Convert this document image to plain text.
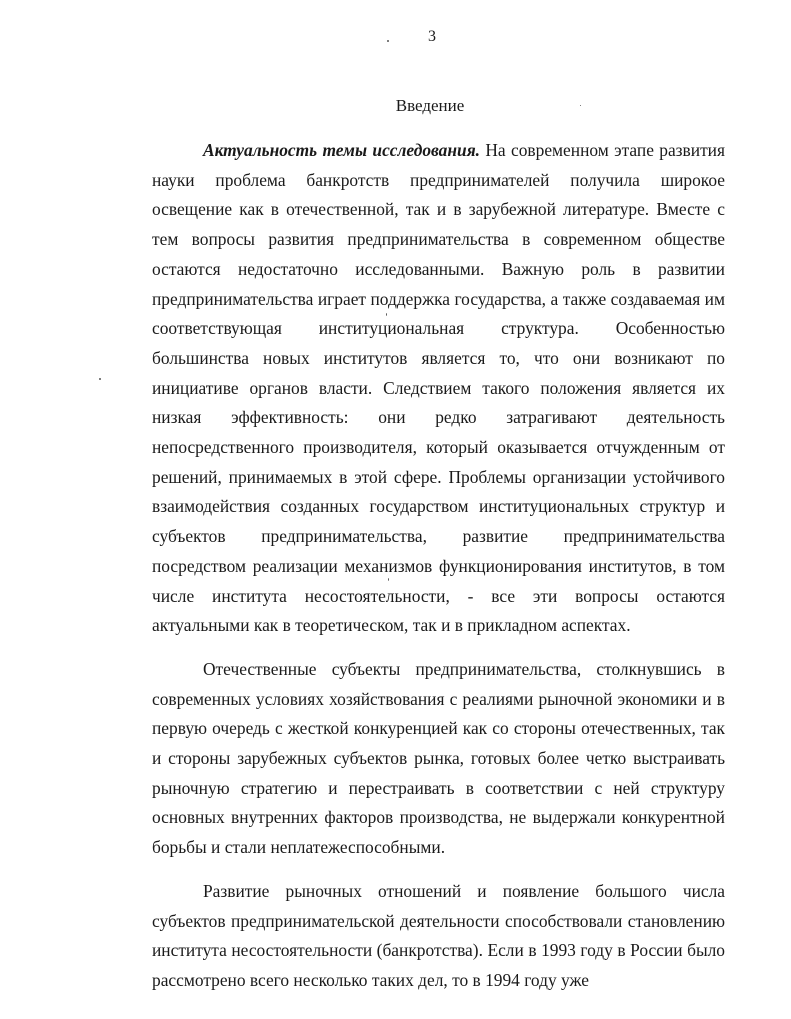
3
Введение

Актуальность темы исследования. На современном этапе развития науки проблема банкротств предпринимателей получила широкое освещение как в отечественной, так и в зарубежной литературе. Вместе с тем вопросы развития предпринимательства в современном обществе остаются недостаточно исследованными. Важную роль в развитии предпринимательства играет поддержка государства, а также создаваемая им соответствующая институциональная структура. Особенностью большинства новых институтов является то, что они возникают по инициативе органов власти. Следствием такого положения является их низкая эффективность: они редко затрагивают деятельность непосредственного производителя, который оказывается отчужденным от решений, принимаемых в этой сфере. Проблемы организации устойчивого взаимодействия созданных государством институциональных структур и субъектов предпринимательства, развитие предпринимательства посредством реализации механизмов функционирования институтов, в том числе института несостоятельности, - все эти вопросы остаются актуальными как в теоретическом, так и в прикладном аспектах.

Отечественные субъекты предпринимательства, столкнувшись в современных условиях хозяйствования с реалиями рыночной экономики и в первую очередь с жесткой конкуренцией как со стороны отечественных, так и стороны зарубежных субъектов рынка, готовых более четко выстраивать рыночную стратегию и перестраивать в соответствии с ней структуру основных внутренних факторов производства, не выдержали конкурентной борьбы и стали неплатежеспособными.

Развитие рыночных отношений и появление большого числа субъектов предпринимательской деятельности способствовали становлению института несостоятельности (банкротства). Если в 1993 году в России было рассмотрено всего несколько таких дел, то в 1994 году уже
